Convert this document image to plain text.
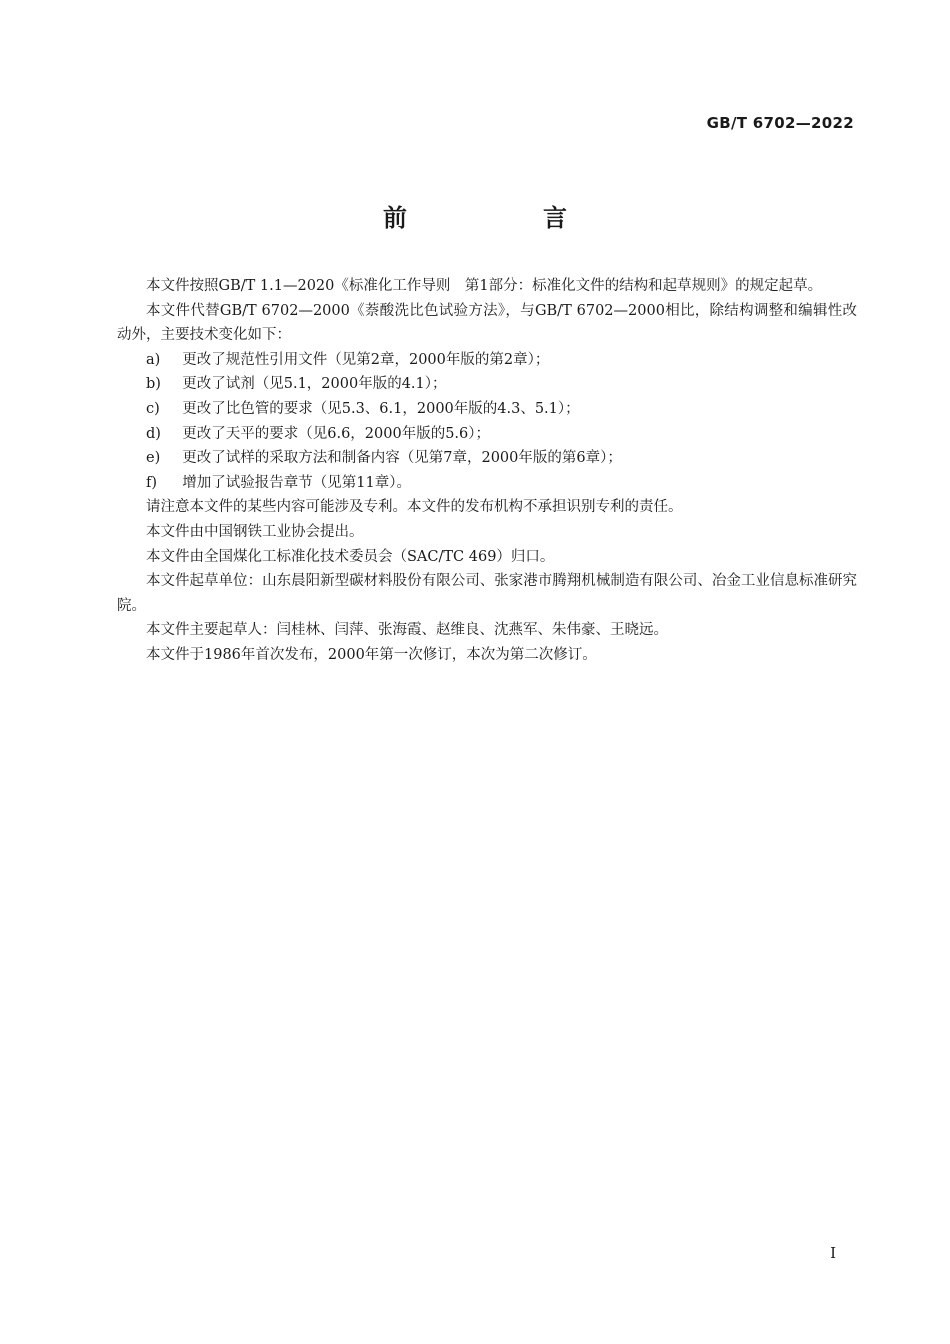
GB/T 6702—2022
前　言

本文件按照GB/T 1.1—2020《标准化工作导则　第1部分：标准化文件的结构和起草规则》的规定起草。

本文件代替GB/T 6702—2000《萘酸洗比色试验方法》，与GB/T 6702—2000相比，除结构调整和编辑性改动外，主要技术变化如下：

a)	更改了规范性引用文件（见第2章，2000年版的第2章）；
b)	更改了试剂（见5.1，2000年版的4.1）；
c)	更改了比色管的要求（见5.3、6.1，2000年版的4.3、5.1）；
d)	更改了天平的要求（见6.6，2000年版的5.6）；
e)	更改了试样的采取方法和制备内容（见第7章，2000年版的第6章）；
f)	增加了试验报告章节（见第11章）。

请注意本文件的某些内容可能涉及专利。本文件的发布机构不承担识别专利的责任。

本文件由中国钢铁工业协会提出。

本文件由全国煤化工标准化技术委员会（SAC/TC 469）归口。

本文件起草单位：山东晨阳新型碳材料股份有限公司、张家港市腾翔机械制造有限公司、冶金工业信息标准研究院。

本文件主要起草人：闫桂林、闫萍、张海霞、赵维良、沈燕军、朱伟豪、王晓远。

本文件于1986年首次发布，2000年第一次修订，本次为第二次修订。

I
